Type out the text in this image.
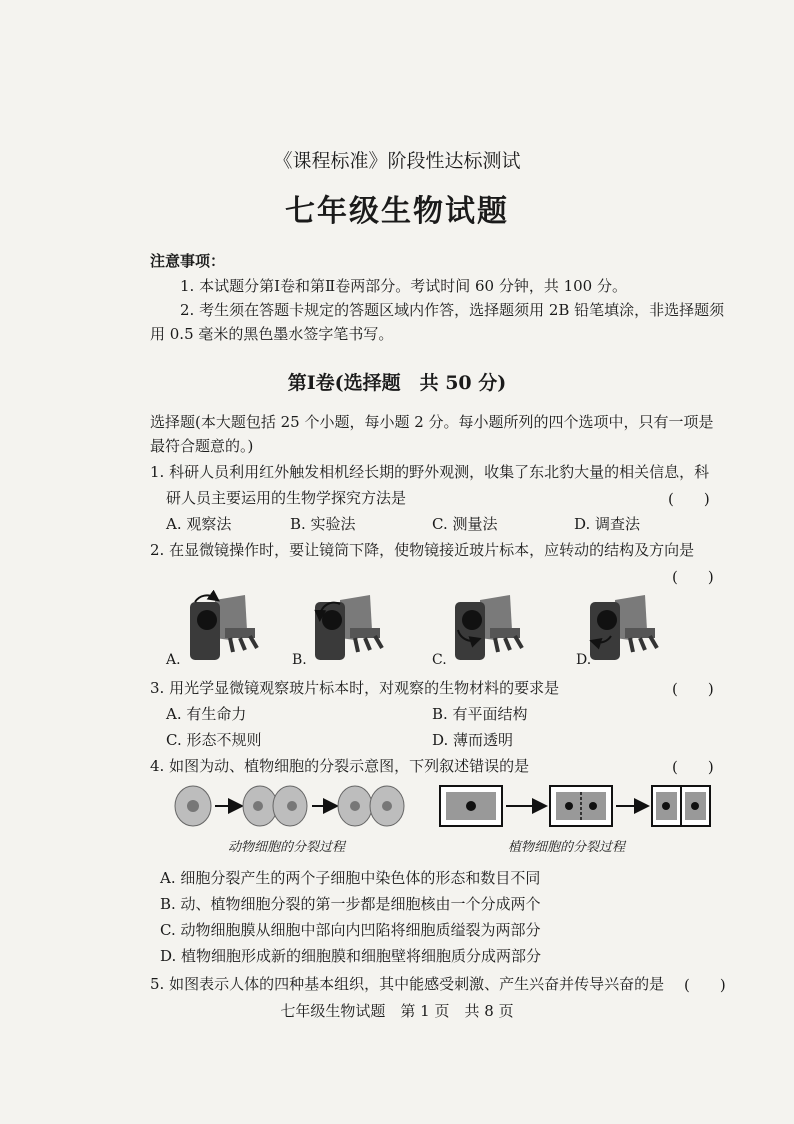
《课程标准》阶段性达标测试
七年级生物试题
注意事项：
1. 本试题分第Ⅰ卷和第Ⅱ卷两部分。考试时间 60 分钟，共 100 分。
2. 考生须在答题卡规定的答题区域内作答，选择题须用 2B 铅笔填涂，非选择题须用 0.5 毫米的黑色墨水签字笔书写。
第Ⅰ卷(选择题　共 50 分)
选择题(本大题包括 25 个小题，每小题 2 分。每小题所列的四个选项中，只有一项是
最符合题意的。)
1. 科研人员利用红外触发相机经长期的野外观测，收集了东北豹大量的相关信息，科
研人员主要运用的生物学探究方法是	(　　)
A. 观察法	B. 实验法	C. 测量法	D. 调查法
2. 在显微镜操作时，要让镜筒下降，使物镜接近玻片标本，应转动的结构及方向是
(　　)
A.	B.	C.	D.
3. 用光学显微镜观察玻片标本时，对观察的生物材料的要求是	(　　)
A. 有生命力	B. 有平面结构
C. 形态不规则	D. 薄而透明
4. 如图为动、植物细胞的分裂示意图，下列叙述错误的是	(　　)
动物细胞的分裂过程	植物细胞的分裂过程
A. 细胞分裂产生的两个子细胞中染色体的形态和数目不同
B. 动、植物细胞分裂的第一步都是细胞核由一个分成两个
C. 动物细胞膜从细胞中部向内凹陷将细胞质缢裂为两部分
D. 植物细胞形成新的细胞膜和细胞壁将细胞质分成两部分
5. 如图表示人体的四种基本组织，其中能感受刺激、产生兴奋并传导兴奋的是 (　　)
七年级生物试题　第 1 页　共 8 页
